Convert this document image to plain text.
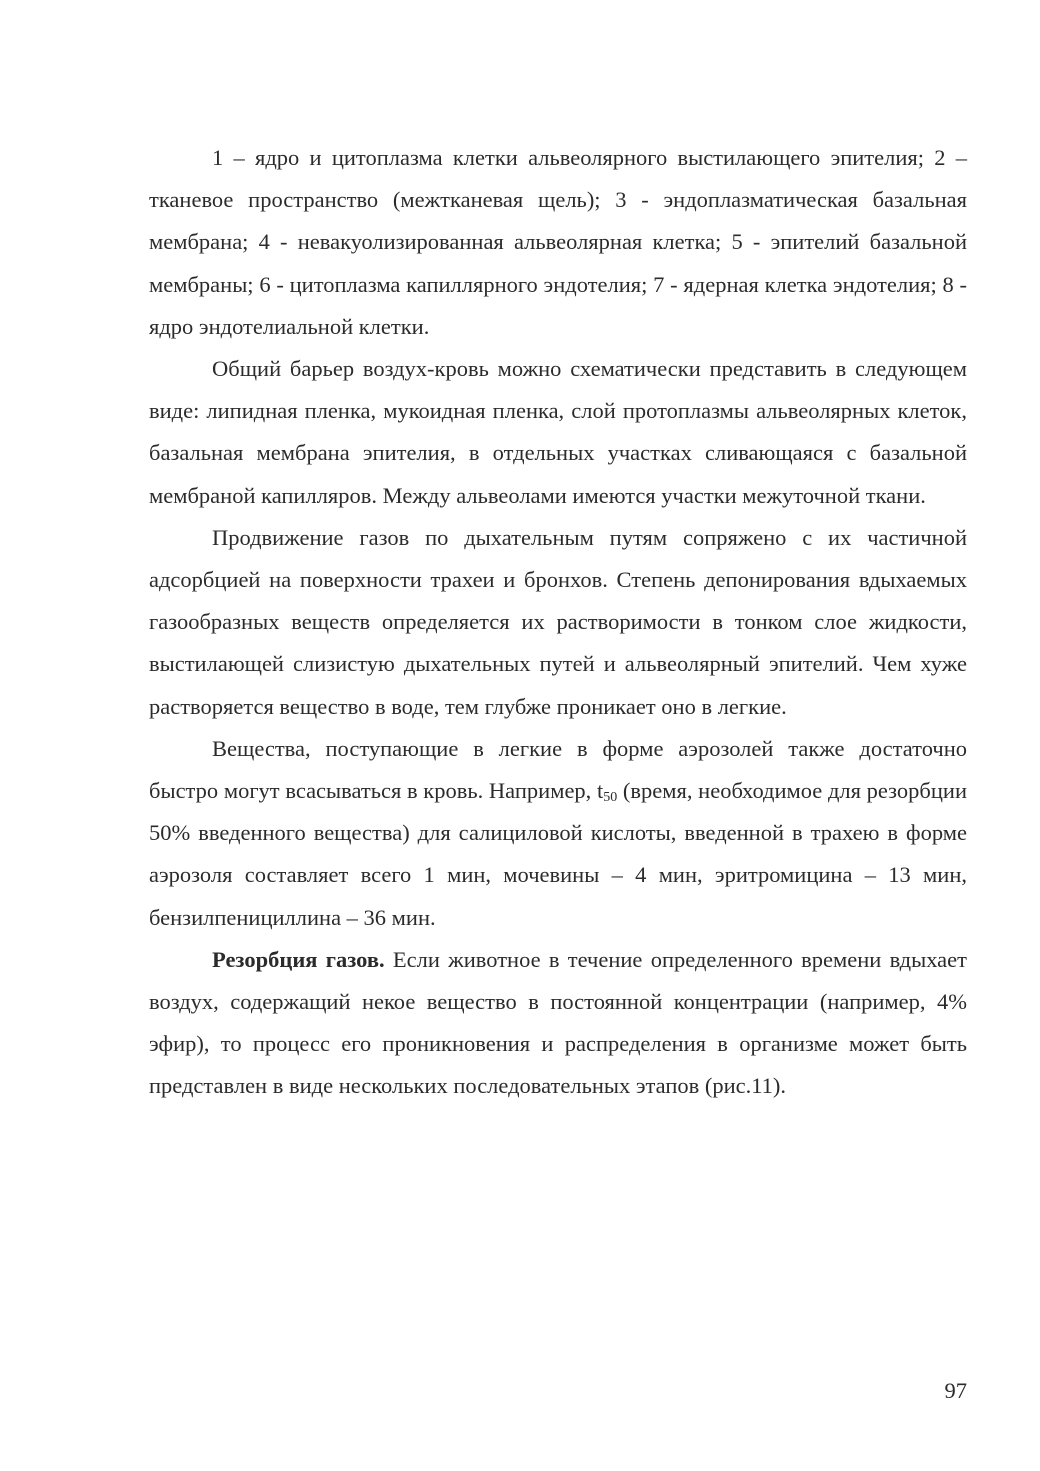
1 – ядро и цитоплазма клетки альвеолярного выстилающего эпителия; 2 – тканевое пространство (межтканевая щель); 3 - эндоплазматическая базальная мембрана; 4 - невакуолизированная альвеолярная клетка; 5 - эпителий базальной мембраны; 6 - цитоплазма капиллярного эндотелия; 7 - ядерная клетка эндотелия; 8 - ядро эндотелиальной клетки.

Общий барьер воздух-кровь можно схематически представить в следующем виде: липидная пленка, мукоидная пленка, слой протоплазмы альвеолярных клеток, базальная мембрана эпителия, в отдельных участках сливающаяся с базальной мембраной капилляров. Между альвеолами имеются участки межуточной ткани.

Продвижение газов по дыхательным путям сопряжено с их частичной адсорбцией на поверхности трахеи и бронхов. Степень депонирования вдыхаемых газообразных веществ определяется их растворимости в тонком слое жидкости, выстилающей слизистую дыхательных путей и альвеолярный эпителий. Чем хуже растворяется вещество в воде, тем глубже проникает оно в легкие.

Вещества, поступающие в легкие в форме аэрозолей также достаточно быстро могут всасываться в кровь. Например, $t_{50}$ (время, необходимое для резорбции 50% введенного вещества) для салициловой кислоты, введенной в трахею в форме аэрозоля составляет всего 1 мин, мочевины – 4 мин, эритромицина – 13 мин, бензилпенициллина – 36 мин.

Резорбция газов. Если животное в течение определенного времени вдыхает воздух, содержащий некое вещество в постоянной концентрации (например, 4% эфир), то процесс его проникновения и распределения в организме может быть представлен в виде нескольких последовательных этапов (рис.11).

97
